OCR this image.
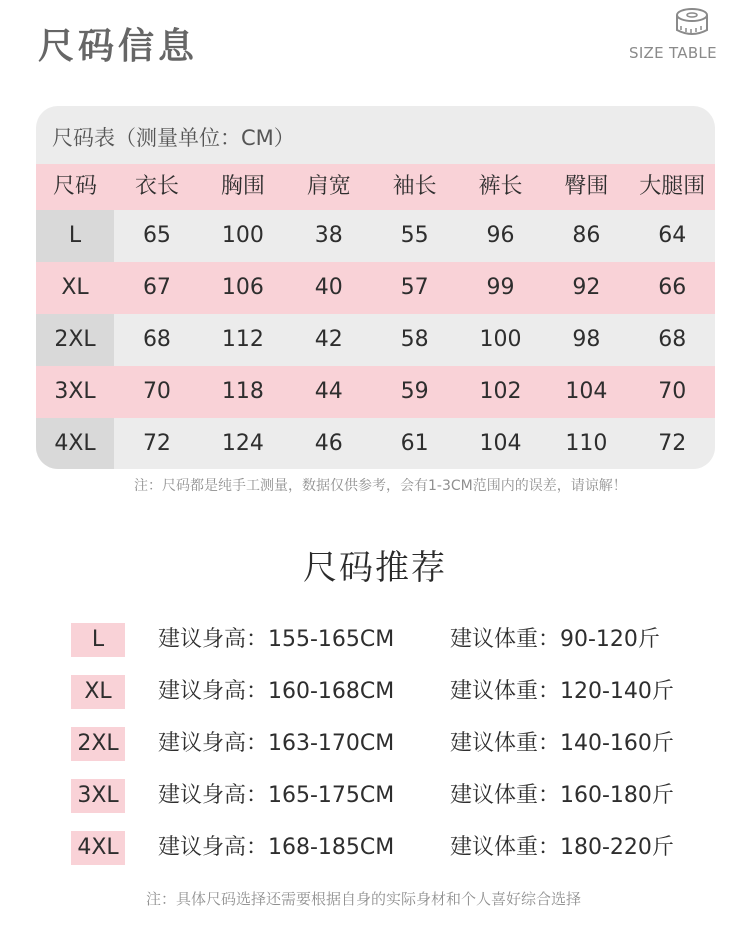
尺码信息	SIZE TABLE
尺码表（测量单位：CM）
尺码	衣长	胸围	肩宽	袖长	裤长	臀围	大腿围
L	65	100	38	55	96	86	64
XL	67	106	40	57	99	92	66
2XL	68	112	42	58	100	98	68
3XL	70	118	44	59	102	104	70
4XL	72	124	46	61	104	110	72
注：尺码都是纯手工测量，数据仅供参考，会有1-3CM范围内的误差，请谅解！
尺码推荐
L	建议身高：155-165CM	建议体重：90-120斤
XL	建议身高：160-168CM	建议体重：120-140斤
2XL 建议身高：163-170CM	建议体重：140-160斤
3XL 建议身高：165-175CM	建议体重：160-180斤
4XL 建议身高：168-185CM	建议体重：180-220斤
注：具体尺码选择还需要根据自身的实际身材和个人喜好综合选择
